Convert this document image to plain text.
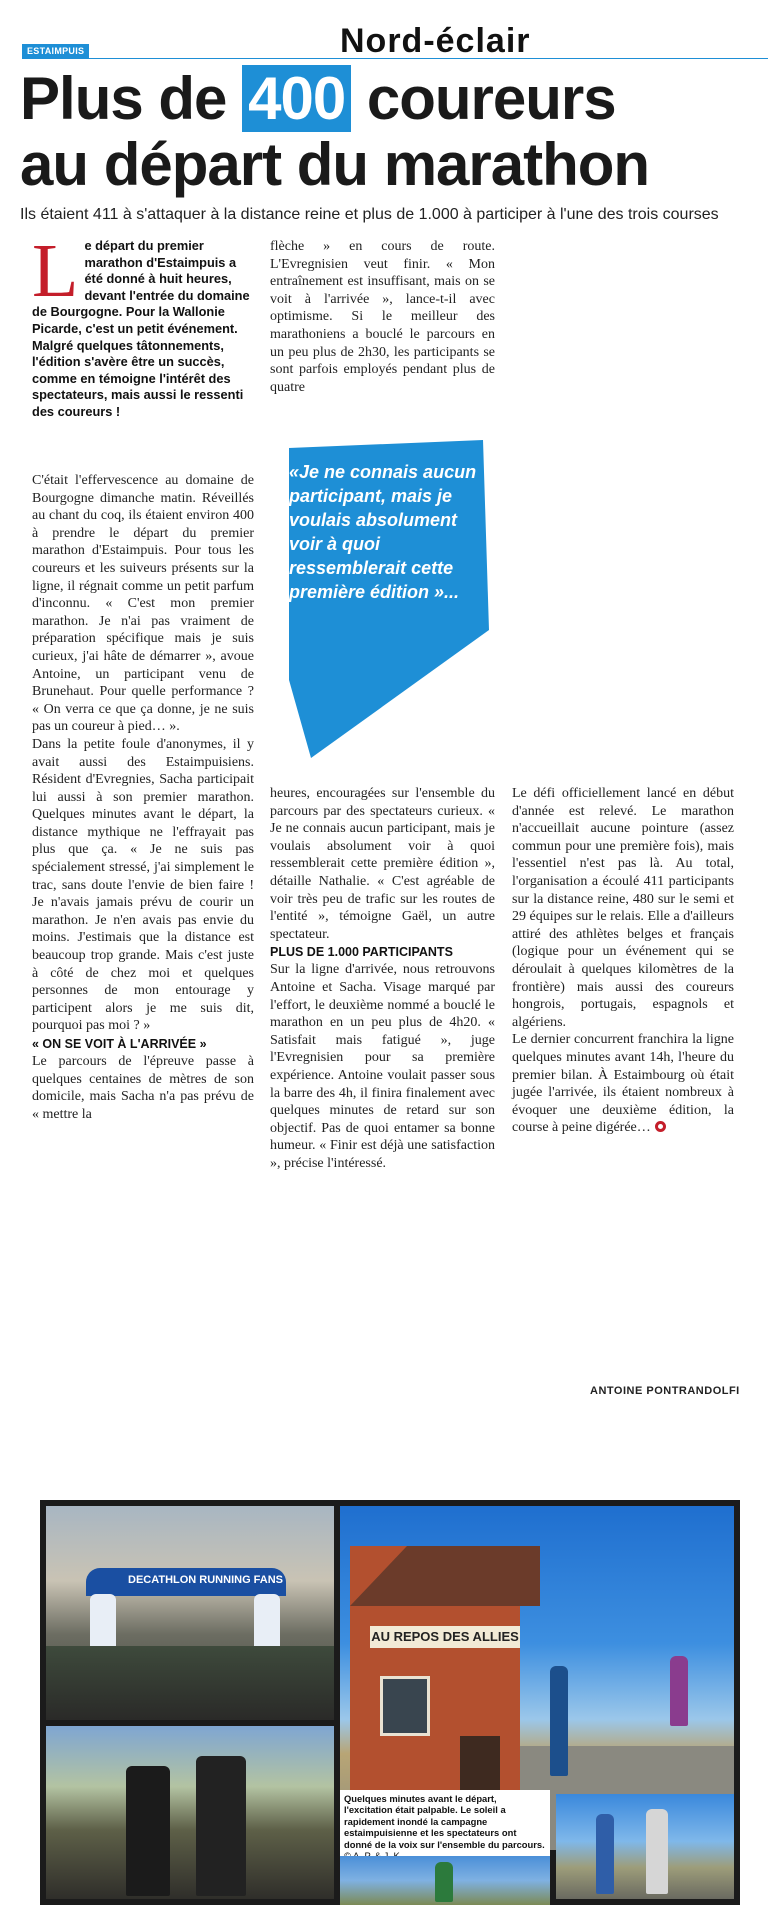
ESTAIMPUIS	Nord-éclair
Plus de 400 coureurs
au départ du marathon
Ils étaient 411 à s'attaquer à la distance reine et plus de 1.000 à participer à l'une des trois courses
Le départ du premier marathon d'Estaimpuis a été donné à huit heures, devant l'entrée du domaine de Bourgogne. Pour la Wallonie Picarde, c'est un petit événement. Malgré quelques tâtonnements, l'édition s'avère être un succès, comme en témoigne l'intérêt des spectateurs, mais aussi le ressenti des coureurs !

C'était l'effervescence au domaine de Bourgogne dimanche matin. Réveillés au chant du coq, ils étaient environ 400 à prendre le départ du premier marathon d'Estaimpuis. Pour tous les coureurs et les suiveurs présents sur la ligne, il régnait comme un petit parfum d'inconnu. « C'est mon premier marathon. Je n'ai pas vraiment de préparation spécifique mais je suis curieux, j'ai hâte de démarrer », avoue Antoine, un participant venu de Brunehaut. Pour quelle performance ? « On verra ce que ça donne, je ne suis pas un coureur à pied… ».

Dans la petite foule d'anonymes, il y avait aussi des Estaimpuisiens. Résident d'Evregnies, Sacha participait lui aussi à son premier marathon. Quelques minutes avant le départ, la distance mythique ne l'effrayait pas plus que ça. « Je ne suis pas spécialement stressé, j'ai simplement le trac, sans doute l'envie de bien faire ! Je n'avais jamais prévu de courir un marathon. Je n'en avais pas envie du moins. J'estimais que la distance est beaucoup trop grande. Mais c'est juste à côté de chez moi et quelques personnes de mon entourage y participent alors je me suis dit, pourquoi pas moi ? »

« ON SE VOIT À L'ARRIVÉE »

Le parcours de l'épreuve passe à quelques centaines de mètres de son domicile, mais Sacha n'a pas prévu de « mettre la

flèche » en cours de route. L'Evregnisien veut finir. « Mon entraînement est insuffisant, mais on se voit à l'arrivée », lance-t-il avec optimisme. Si le meilleur des marathoniens a bouclé le parcours en un peu plus de 2h30, les participants se sont parfois employés pendant plus de quatre

«Je ne connais aucun participant, mais je voulais absolument voir à quoi ressemblerait cette première édition »...

heures, encouragées sur l'ensemble du parcours par des spectateurs curieux. « Je ne connais aucun participant, mais je voulais absolument voir à quoi ressemblerait cette première édition », détaille Nathalie. « C'est agréable de voir très peu de trafic sur les routes de l'entité », témoigne Gaël, un autre spectateur.

PLUS DE 1.000 PARTICIPANTS

Sur la ligne d'arrivée, nous retrouvons Antoine et Sacha. Visage marqué par l'effort, le deuxième nommé a bouclé le marathon en un peu plus de 4h20. « Satisfait mais fatigué », juge l'Evregnisien pour sa première expérience. Antoine voulait passer sous la barre des 4h, il finira finalement avec quelques minutes de retard sur son objectif. Pas de quoi entamer sa bonne humeur. « Finir est déjà une satisfaction », précise l'intéressé.

Le défi officiellement lancé en début d'année est relevé. Le marathon n'accueillait aucune pointure (assez commun pour une première fois), mais l'essentiel n'est pas là. Au total, l'organisation a écoulé 411 participants sur la distance reine, 480 sur le semi et 29 équipes sur le relais. Elle a d'ailleurs attiré des athlètes belges et français (logique pour un événement qui se déroulait à quelques kilomètres de la frontière) mais aussi des coureurs hongrois, portugais, espagnols et algériens.

Le dernier concurrent franchira la ligne quelques minutes avant 14h, l'heure du premier bilan. À Estaimbourg où était jugée l'arrivée, ils étaient nombreux à évoquer une deuxième édition, la course à peine digérée…

ANTOINE PONTRANDOLFI
DECATHLON RUNNING FANS
AU REPOS DES ALLIES
Quelques minutes avant le départ, l'excitation était palpable. Le soleil a rapidement inondé la campagne estaimpuisienne et les spectateurs ont donné de la voix sur l'ensemble du parcours.
